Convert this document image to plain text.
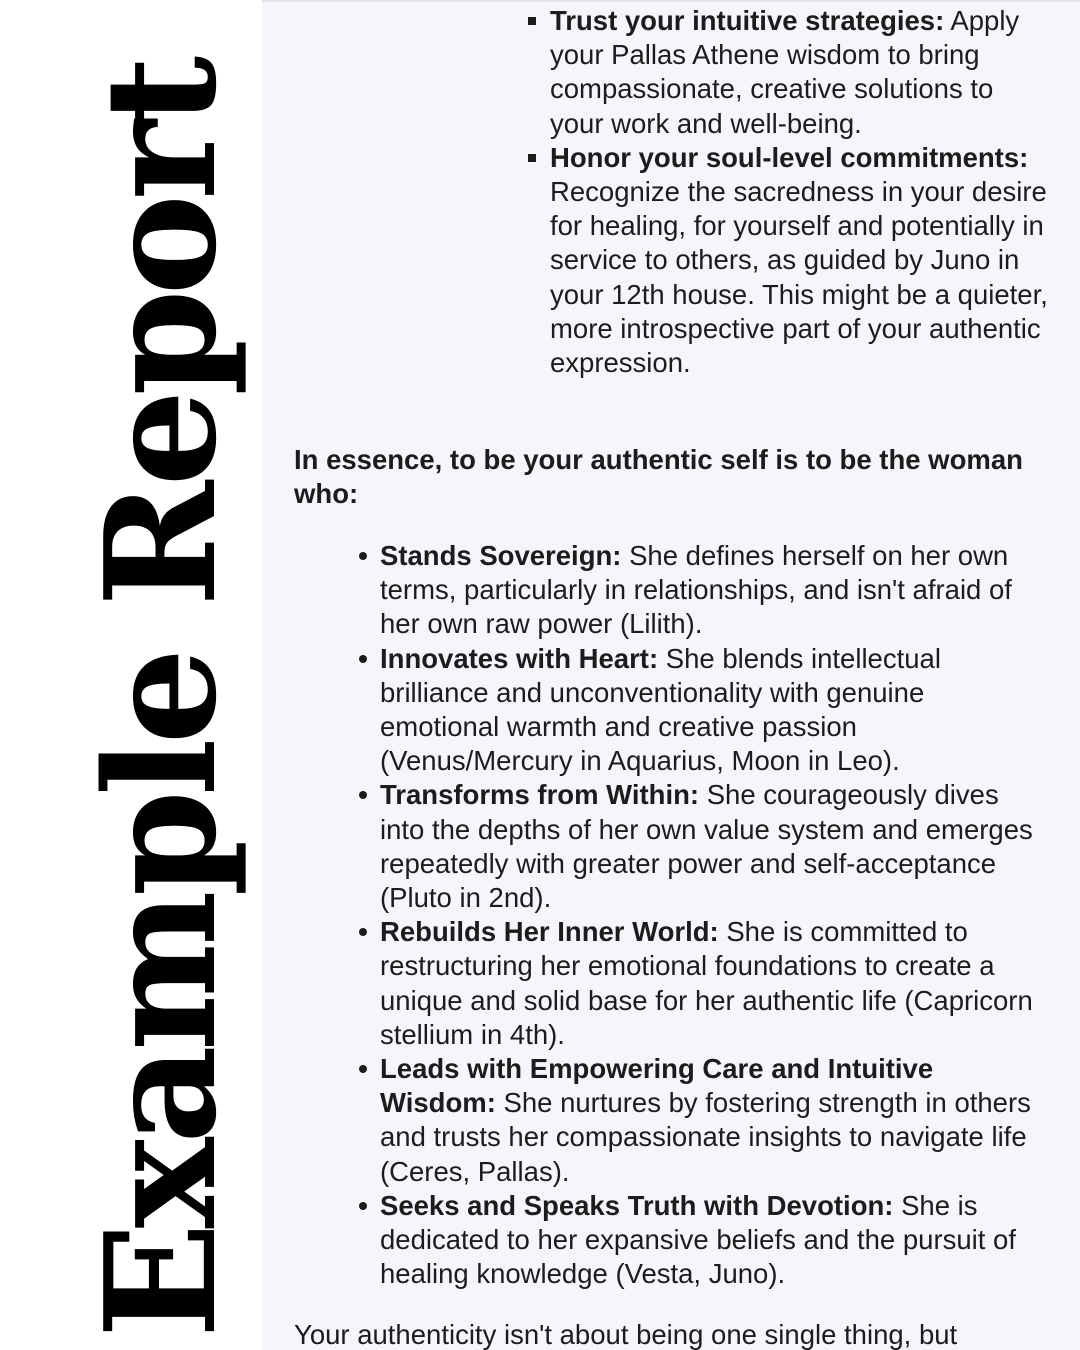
Example Report
Trust your intuitive strategies: Apply your Pallas Athene wisdom to bring compassionate, creative solutions to your work and well-being.
Honor your soul-level commitments: Recognize the sacredness in your desire for healing, for yourself and potentially in service to others, as guided by Juno in your 12th house. This might be a quieter, more introspective part of your authentic expression.

In essence, to be your authentic self is to be the woman who:

Stands Sovereign: She defines herself on her own terms, particularly in relationships, and isn't afraid of her own raw power (Lilith).
Innovates with Heart: She blends intellectual brilliance and unconventionality with genuine emotional warmth and creative passion (Venus/Mercury in Aquarius, Moon in Leo).
Transforms from Within: She courageously dives into the depths of her own value system and emerges repeatedly with greater power and self-acceptance (Pluto in 2nd).
Rebuilds Her Inner World: She is committed to restructuring her emotional foundations to create a unique and solid base for her authentic life (Capricorn stellium in 4th).
Leads with Empowering Care and Intuitive Wisdom: She nurtures by fostering strength in others and trusts her compassionate insights to navigate life (Ceres, Pallas).
Seeks and Speaks Truth with Devotion: She is dedicated to her expansive beliefs and the pursuit of healing knowledge (Vesta, Juno).

Your authenticity isn't about being one single thing, but
